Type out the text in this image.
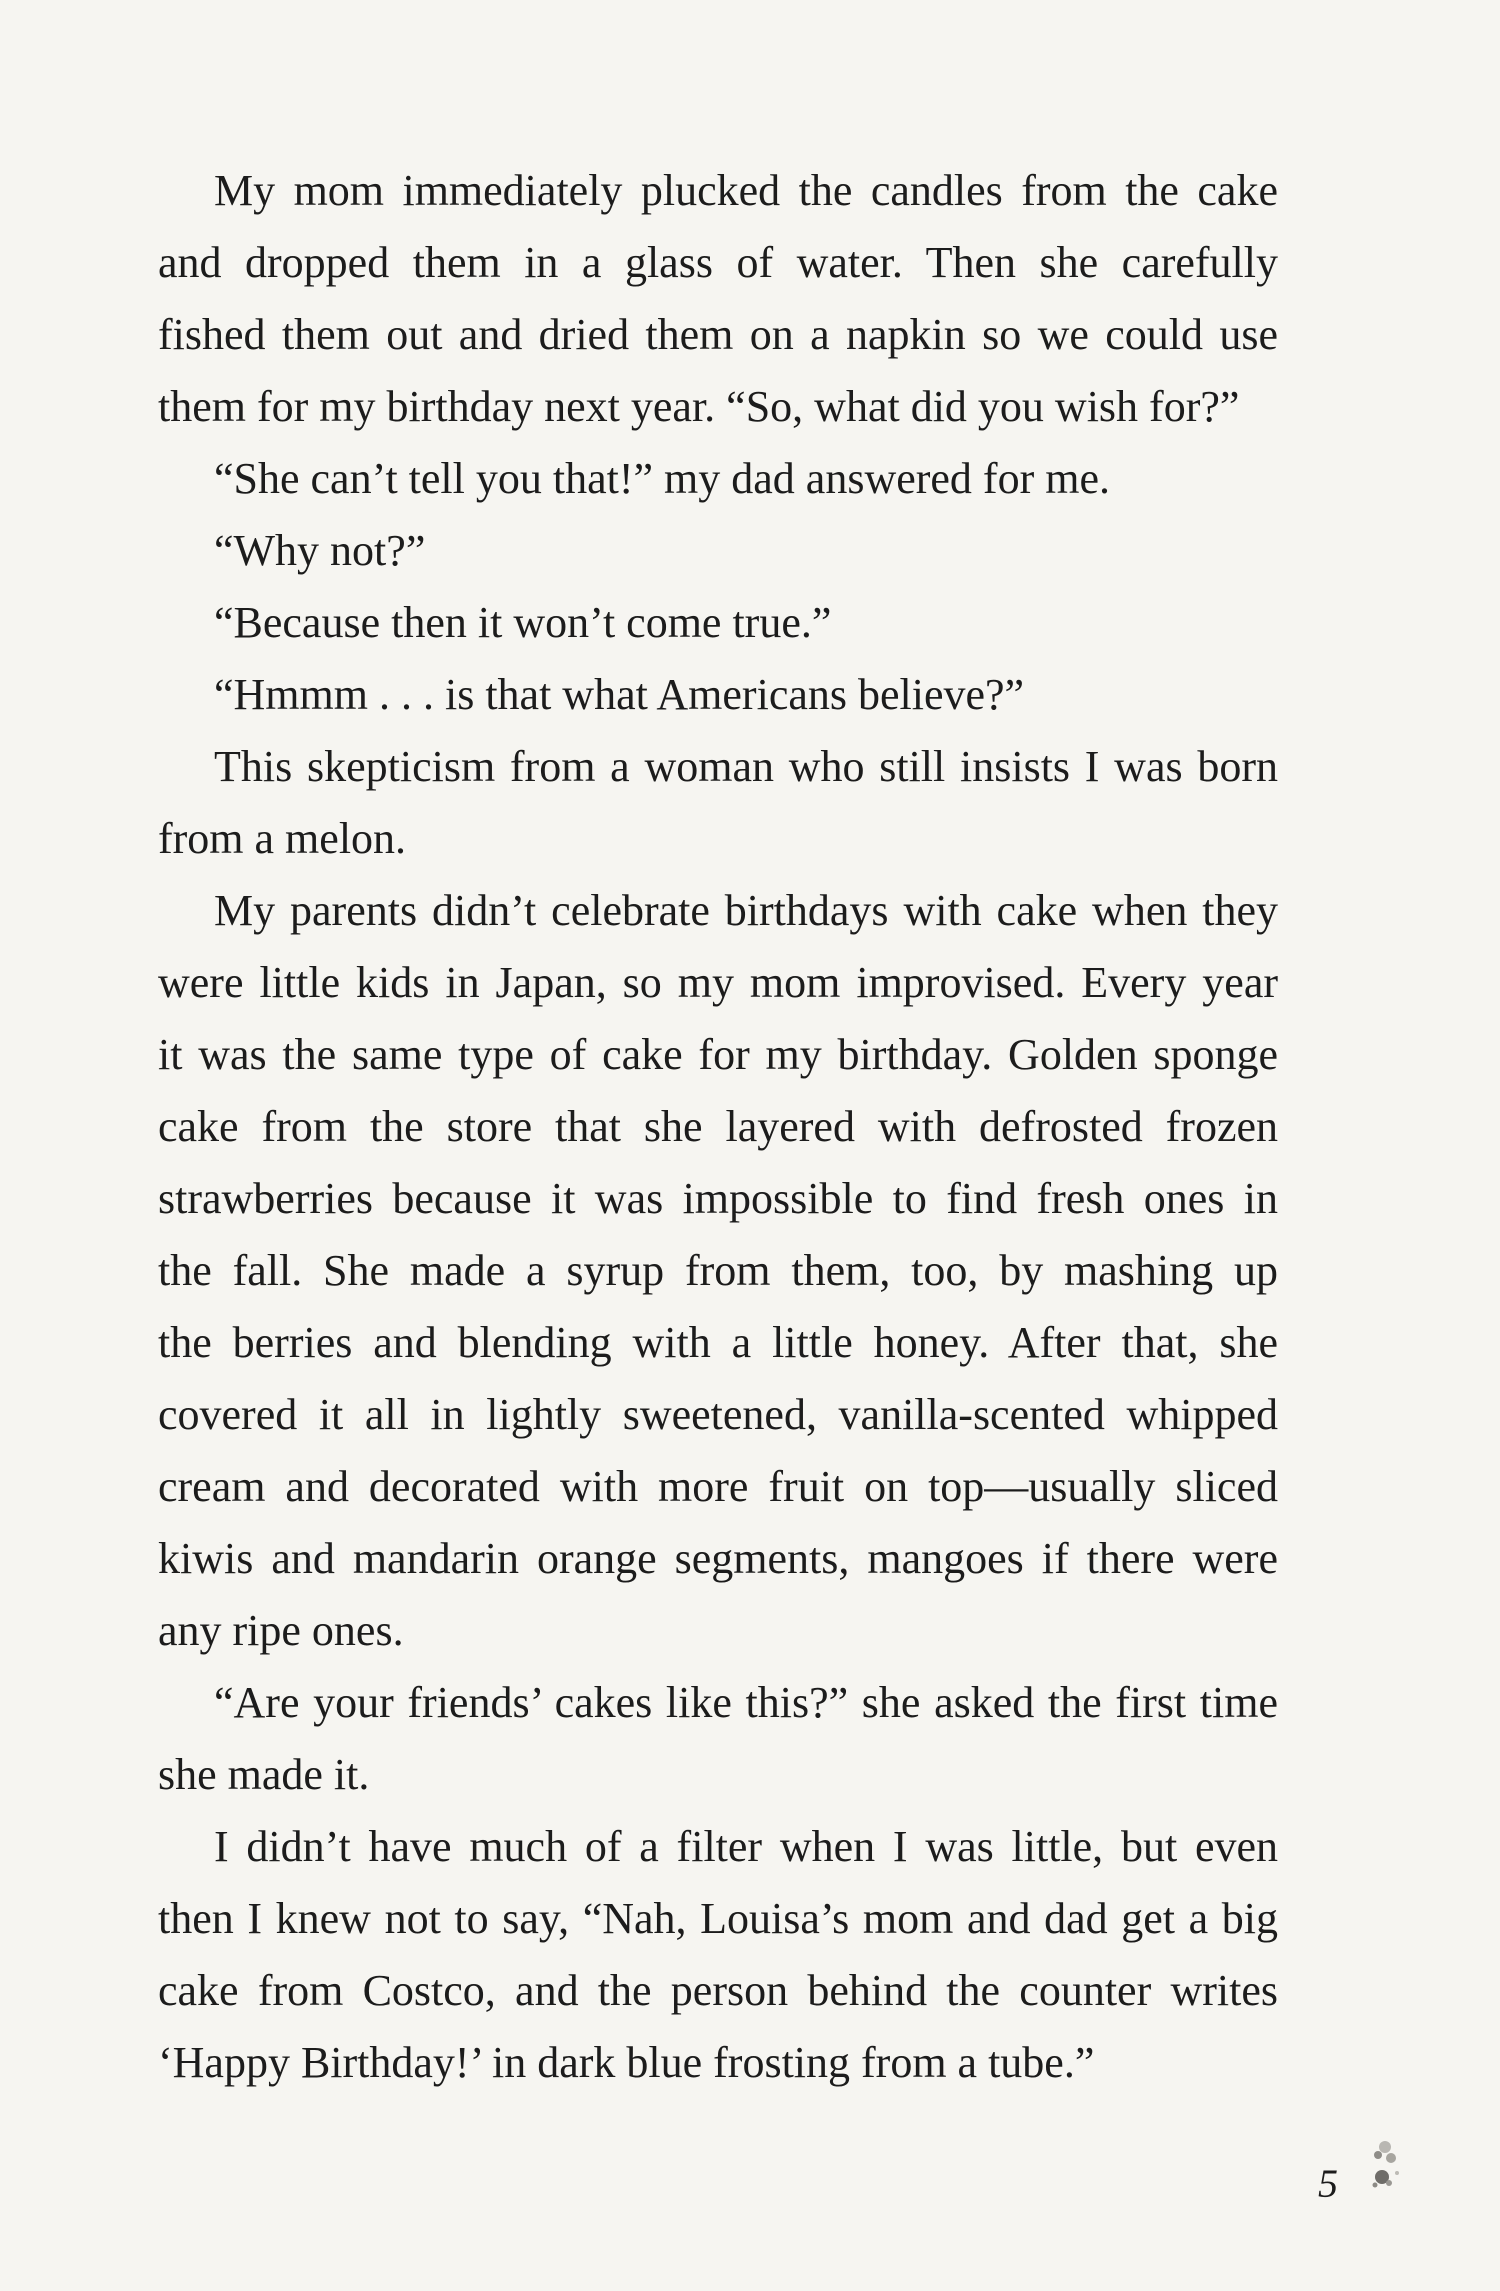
My mom immediately plucked the candles from the cake
and dropped them in a glass of water. Then she carefully
fished them out and dried them on a napkin so we could use
them for my birthday next year. “So, what did you wish for?”
“She can’t tell you that!” my dad answered for me.
“Why not?”
“Because then it won’t come true.”
“Hmmm . . . is that what Americans believe?”
This skepticism from a woman who still insists I was born
from a melon.
My parents didn’t celebrate birthdays with cake when they
were little kids in Japan, so my mom improvised. Every year
it was the same type of cake for my birthday. Golden sponge
cake from the store that she layered with defrosted frozen
strawberries because it was impossible to find fresh ones in
the fall. She made a syrup from them, too, by mashing up
the berries and blending with a little honey. After that, she
covered it all in lightly sweetened, vanilla-scented whipped
cream and decorated with more fruit on top—usually sliced
kiwis and mandarin orange segments, mangoes if there were
any ripe ones.
“Are your friends’ cakes like this?” she asked the first time
she made it.
I didn’t have much of a filter when I was little, but even
then I knew not to say, “Nah, Louisa’s mom and dad get a big
cake from Costco, and the person behind the counter writes
‘Happy Birthday!’ in dark blue frosting from a tube.”
5
